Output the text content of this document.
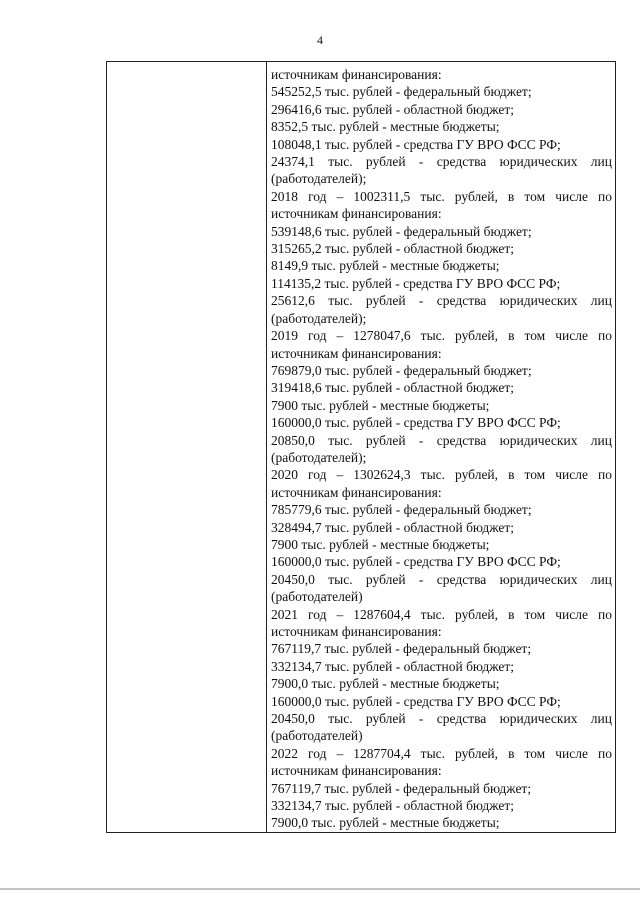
4
источникам финансирования:
545252,5 тыс. рублей - федеральный бюджет;
296416,6 тыс. рублей - областной бюджет;
8352,5 тыс. рублей - местные бюджеты;
108048,1 тыс. рублей - средства ГУ ВРО ФСС РФ;
24374,1 тыс. рублей - средства юридических лиц
(работодателей);
2018 год – 1002311,5 тыс. рублей, в том числе по
источникам финансирования:
539148,6 тыс. рублей - федеральный бюджет;
315265,2 тыс. рублей - областной бюджет;
8149,9 тыс. рублей - местные бюджеты;
114135,2 тыс. рублей - средства ГУ ВРО ФСС РФ;
25612,6 тыс. рублей - средства юридических лиц
(работодателей);
2019 год – 1278047,6 тыс. рублей, в том числе по
источникам финансирования:
769879,0 тыс. рублей - федеральный бюджет;
319418,6 тыс. рублей - областной бюджет;
7900 тыс. рублей - местные бюджеты;
160000,0 тыс. рублей - средства ГУ ВРО ФСС РФ;
20850,0 тыс. рублей - средства юридических лиц
(работодателей);
2020 год – 1302624,3 тыс. рублей, в том числе по
источникам финансирования:
785779,6 тыс. рублей - федеральный бюджет;
328494,7 тыс. рублей - областной бюджет;
7900 тыс. рублей - местные бюджеты;
160000,0 тыс. рублей - средства ГУ ВРО ФСС РФ;
20450,0 тыс. рублей - средства юридических лиц
(работодателей)
2021 год – 1287604,4 тыс. рублей, в том числе по
источникам финансирования:
767119,7 тыс. рублей - федеральный бюджет;
332134,7 тыс. рублей - областной бюджет;
7900,0 тыс. рублей - местные бюджеты;
160000,0 тыс. рублей - средства ГУ ВРО ФСС РФ;
20450,0 тыс. рублей - средства юридических лиц
(работодателей)
2022 год – 1287704,4 тыс. рублей, в том числе по
источникам финансирования:
767119,7 тыс. рублей - федеральный бюджет;
332134,7 тыс. рублей - областной бюджет;
7900,0 тыс. рублей - местные бюджеты;
